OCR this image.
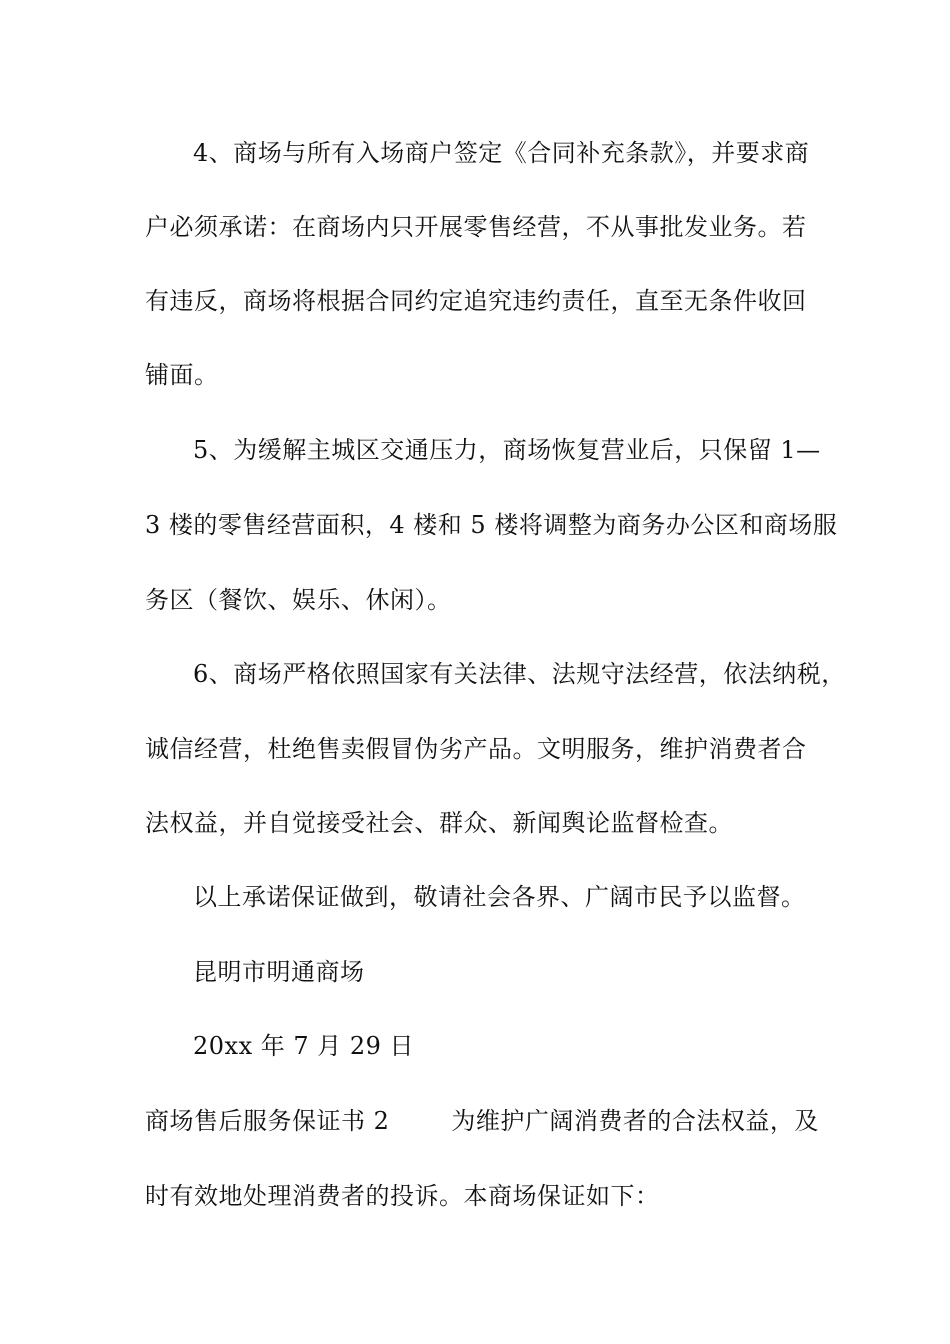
4、商场与所有入场商户签定《合同补充条款》，并要求商
户必须承诺：在商场内只开展零售经营，不从事批发业务。若
有违反，商场将根据合同约定追究违约责任，直至无条件收回
铺面。
5、为缓解主城区交通压力，商场恢复营业后，只保留 1—
3 楼的零售经营面积，4 楼和 5 楼将调整为商务办公区和商场服
务区（餐饮、娱乐、休闲）。
6、商场严格依照国家有关法律、法规守法经营，依法纳税，
诚信经营，杜绝售卖假冒伪劣产品。文明服务，维护消费者合
法权益，并自觉接受社会、群众、新闻舆论监督检查。
以上承诺保证做到，敬请社会各界、广阔市民予以监督。
昆明市明通商场
20xx 年 7 月 29 日
商场售后服务保证书 2	为维护广阔消费者的合法权益，及
时有效地处理消费者的投诉。本商场保证如下：
